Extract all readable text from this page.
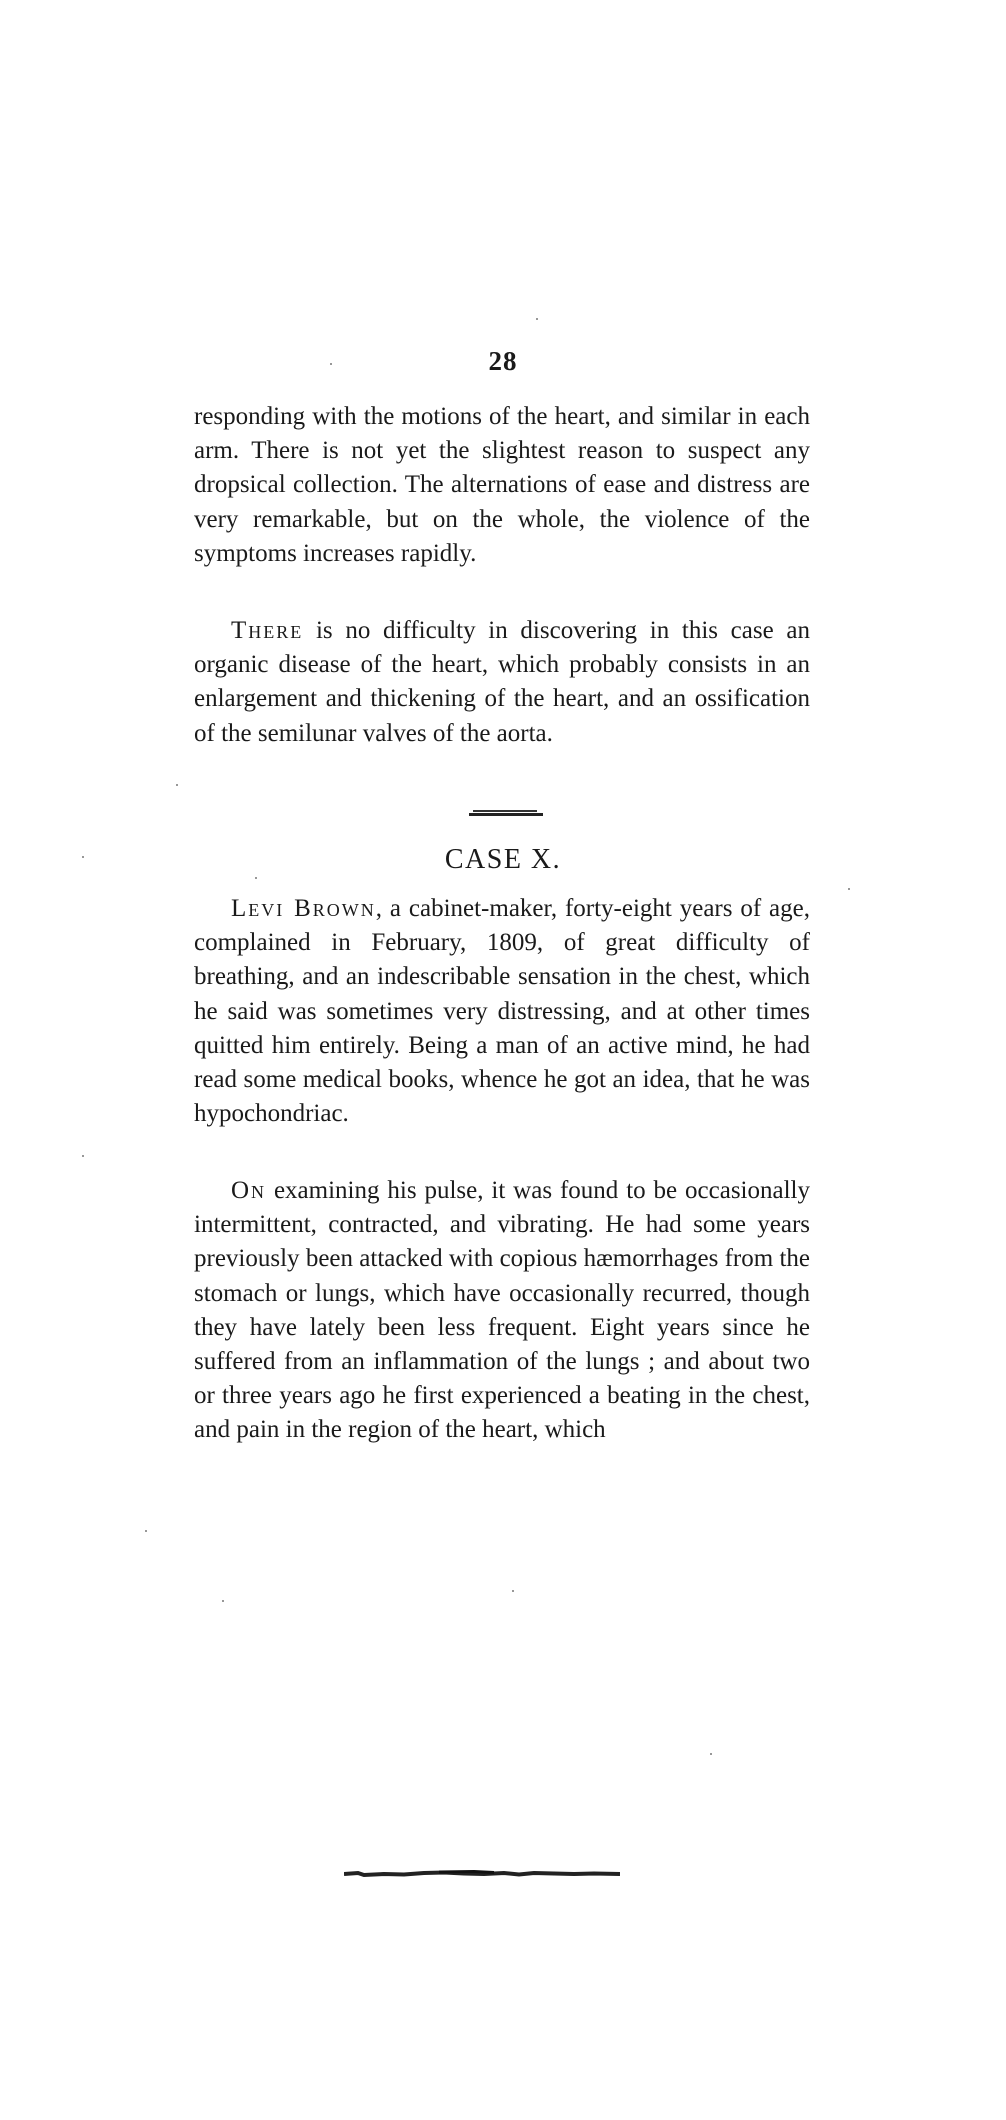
28

responding with the motions of the heart, and similar in each arm. There is not yet the slightest reason to suspect any dropsical collection. The alternations of ease and distress are very remarkable, but on the whole, the violence of the symptoms increases rapidly.

There is no difficulty in discovering in this case an organic disease of the heart, which probably consists in an enlargement and thickening of the heart, and an ossification of the semilunar valves of the aorta.

CASE X.

Levi Brown, a cabinet-maker, forty-eight years of age, complained in February, 1809, of great difficulty of breathing, and an indescribable sensation in the chest, which he said was sometimes very distressing, and at other times quitted him entirely. Being a man of an active mind, he had read some medical books, whence he got an idea, that he was hypochondriac.

On examining his pulse, it was found to be occasionally intermittent, contracted, and vibrating. He had some years previously been attacked with copious hæmorrhages from the stomach or lungs, which have occasionally recurred, though they have lately been less frequent. Eight years since he suffered from an inflammation of the lungs ; and about two or three years ago he first experienced a beating in the chest, and pain in the region of the heart, which
